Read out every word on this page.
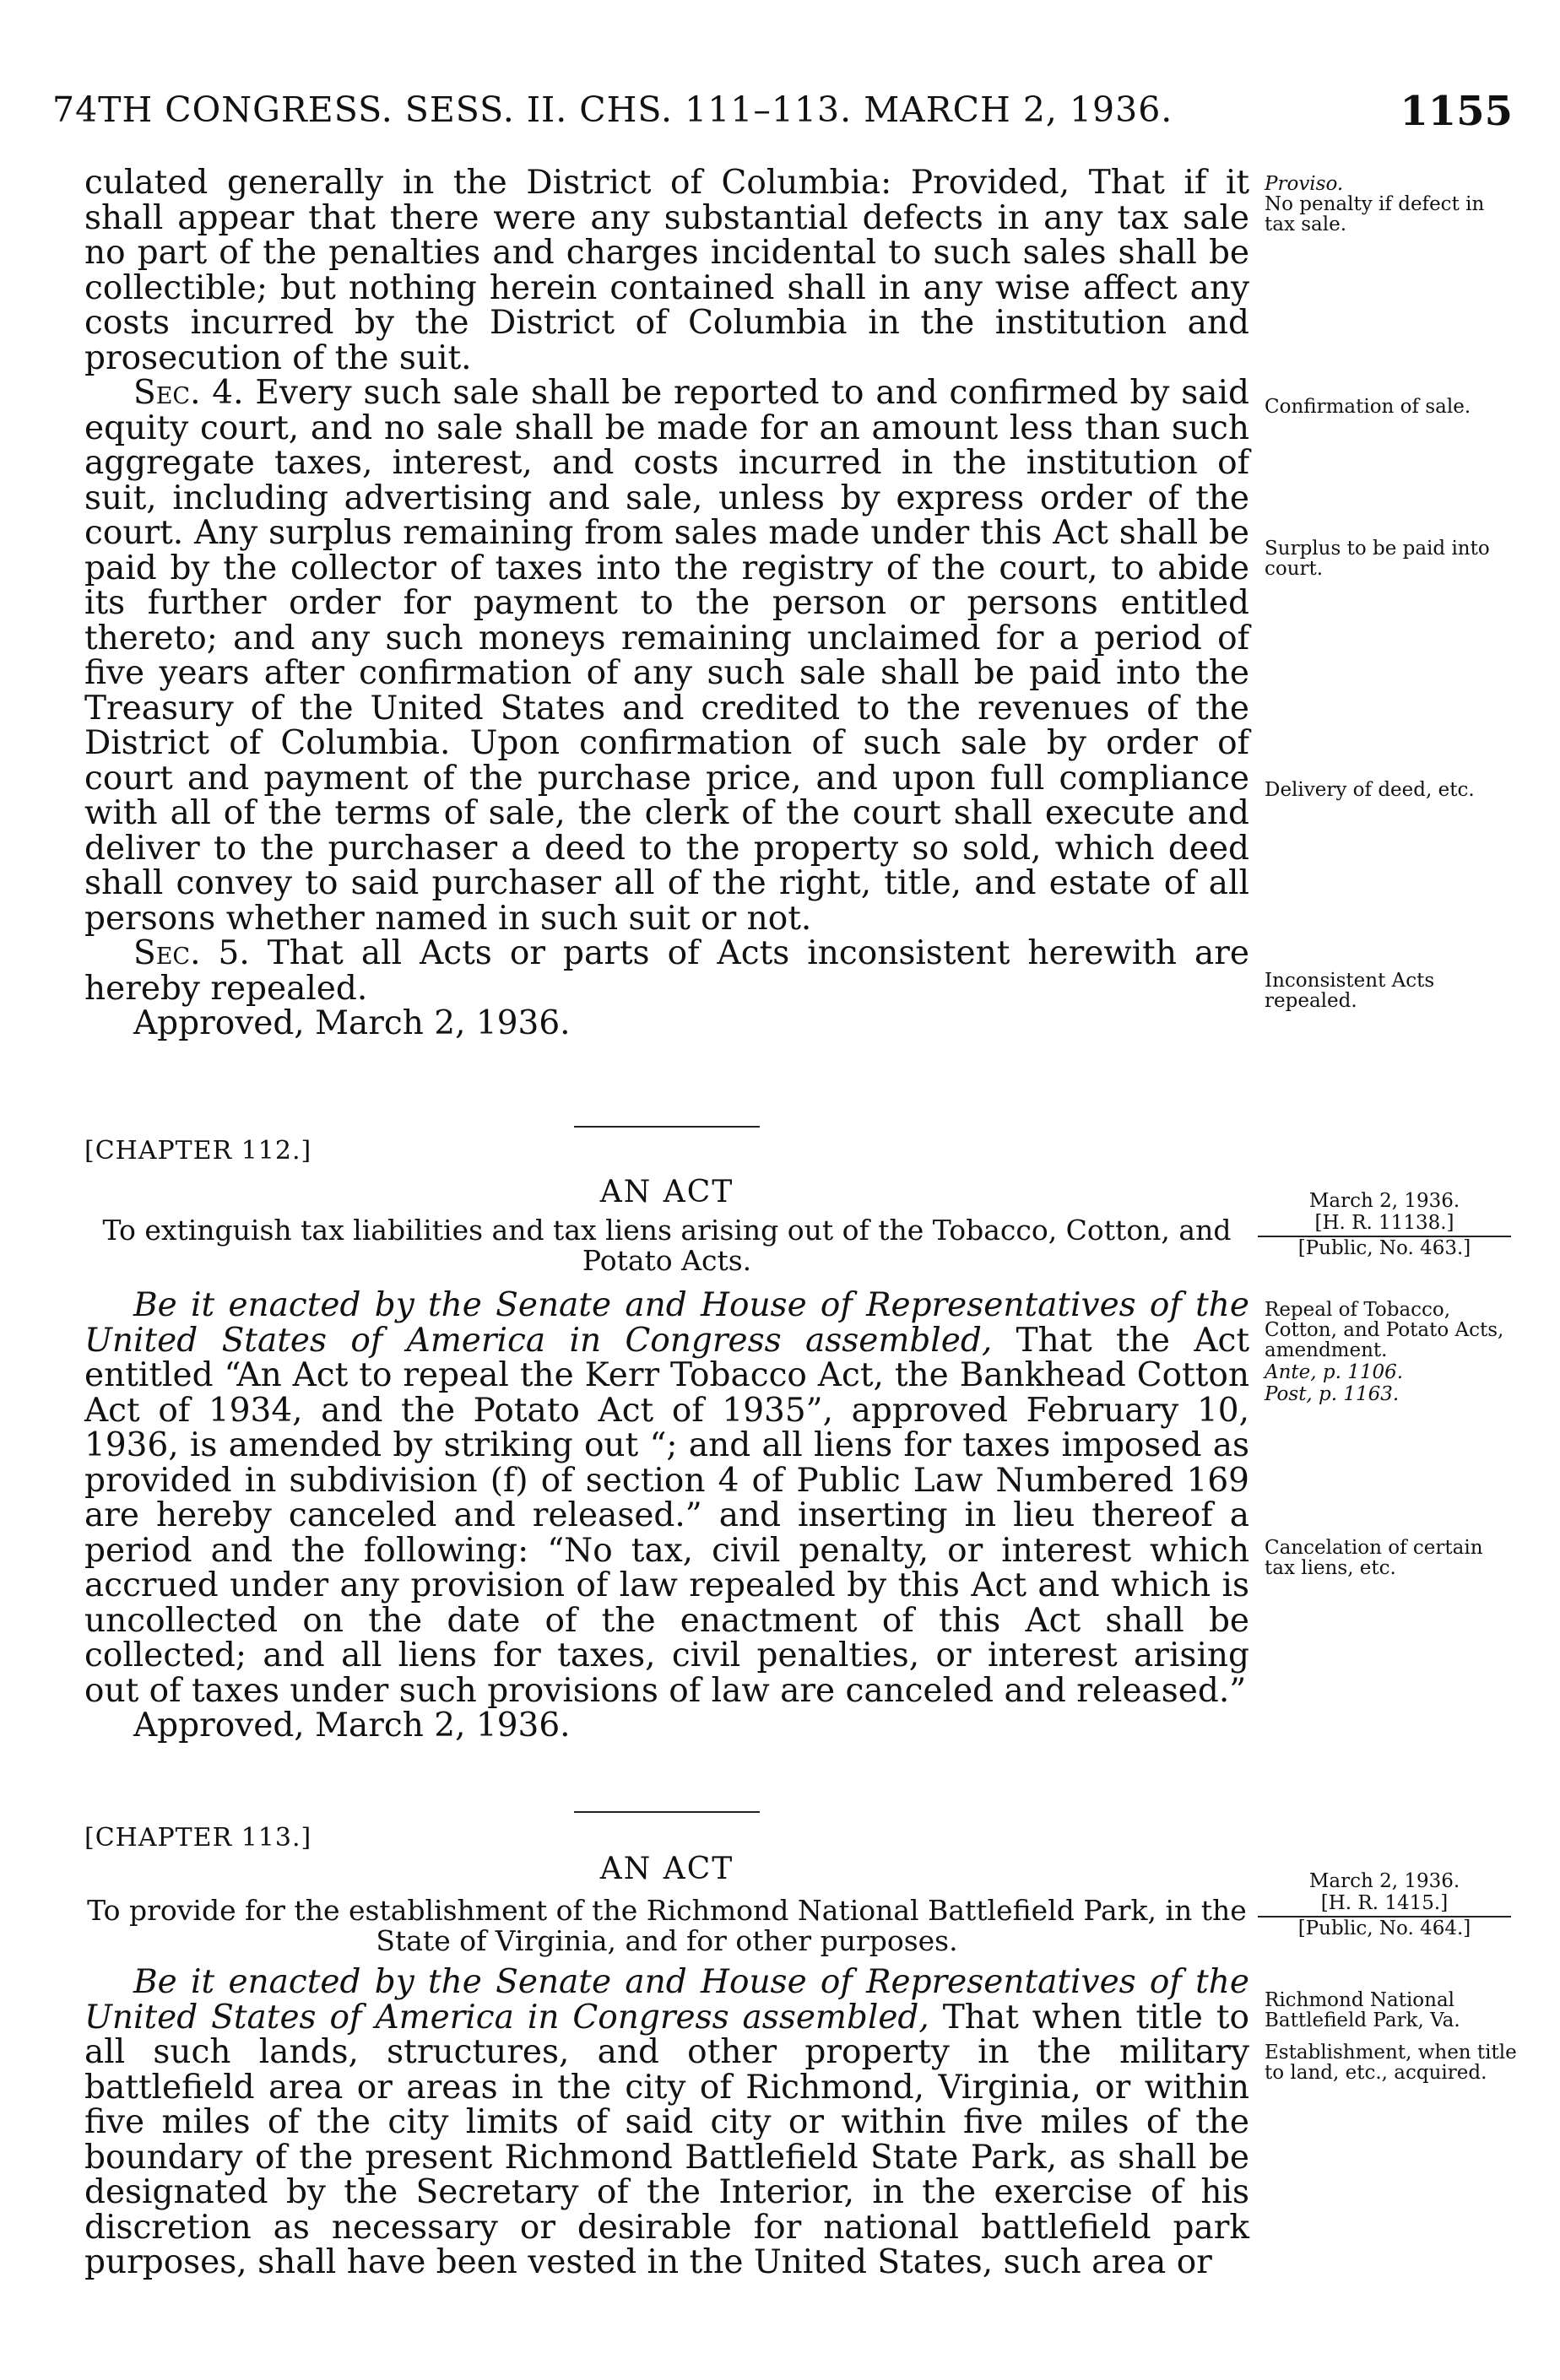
74TH CONGRESS. SESS. II. CHS. 111–113. MARCH 2, 1936.	1155

culated generally in the District of Columbia: Provided, That if it shall appear that there were any substantial defects in any tax sale no part of the penalties and charges incidental to such sales shall be collectible; but nothing herein contained shall in any wise affect any costs incurred by the District of Columbia in the institution and prosecution of the suit.

Sec. 4. Every such sale shall be reported to and confirmed by said equity court, and no sale shall be made for an amount less than such aggregate taxes, interest, and costs incurred in the institution of suit, including advertising and sale, unless by express order of the court. Any surplus remaining from sales made under this Act shall be paid by the collector of taxes into the registry of the court, to abide its further order for payment to the person or persons entitled thereto; and any such moneys remaining unclaimed for a period of five years after confirmation of any such sale shall be paid into the Treasury of the United States and credited to the revenues of the District of Columbia. Upon confirmation of such sale by order of court and payment of the purchase price, and upon full compliance with all of the terms of sale, the clerk of the court shall execute and deliver to the purchaser a deed to the property so sold, which deed shall convey to said purchaser all of the right, title, and estate of all persons whether named in such suit or not.

Sec. 5. That all Acts or parts of Acts inconsistent herewith are hereby repealed.

Approved, March 2, 1936.

Proviso.
No penalty if defect in tax sale.
Confirmation of sale.
Surplus to be paid into court.
Delivery of deed, etc.
Inconsistent Acts repealed.
[CHAPTER 112.]
AN ACT
To extinguish tax liabilities and tax liens arising out of the Tobacco, Cotton, and Potato Acts.
March 2, 1936.
[H. R. 11138.]
[Public, No. 463.]

Be it enacted by the Senate and House of Representatives of the United States of America in Congress assembled, That the Act entitled “An Act to repeal the Kerr Tobacco Act, the Bankhead Cotton Act of 1934, and the Potato Act of 1935”, approved February 10, 1936, is amended by striking out “; and all liens for taxes imposed as provided in subdivision (f) of section 4 of Public Law Numbered 169 are hereby canceled and released.” and inserting in lieu thereof a period and the following: “No tax, civil penalty, or interest which accrued under any provision of law repealed by this Act and which is uncollected on the date of the enactment of this Act shall be collected; and all liens for taxes, civil penalties, or interest arising out of taxes under such provisions of law are canceled and released.”

Approved, March 2, 1936.

Repeal of Tobacco, Cotton, and Potato Acts, amendment.
Ante, p. 1106.
Post, p. 1163.
Cancelation of certain tax liens, etc.
[CHAPTER 113.]
AN ACT
To provide for the establishment of the Richmond National Battlefield Park, in the State of Virginia, and for other purposes.
March 2, 1936.
[H. R. 1415.]
[Public, No. 464.]

Be it enacted by the Senate and House of Representatives of the United States of America in Congress assembled, That when title to all such lands, structures, and other property in the military battlefield area or areas in the city of Richmond, Virginia, or within five miles of the city limits of said city or within five miles of the boundary of the present Richmond Battlefield State Park, as shall be designated by the Secretary of the Interior, in the exercise of his discretion as necessary or desirable for national battlefield park purposes, shall have been vested in the United States, such area or

Richmond National Battlefield Park, Va.
Establishment, when title to land, etc., acquired.
